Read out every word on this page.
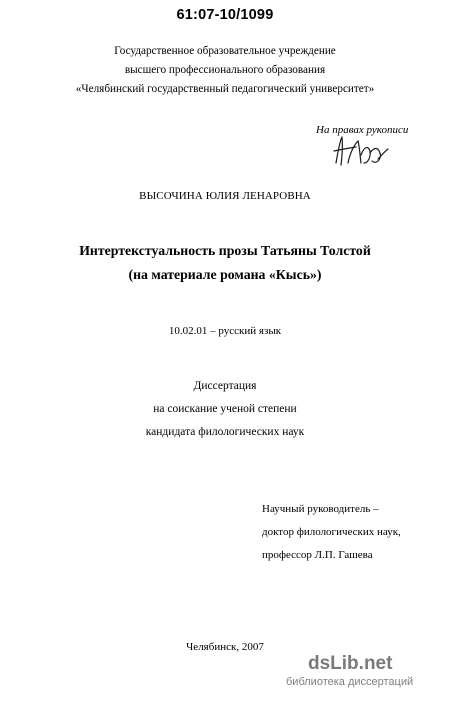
61:07-10/1099
Государственное образовательное учреждение
высшего профессионального образования
«Челябинский государственный педагогический университет»
На правах рукописи
ВЫСОЧИНА ЮЛИЯ ЛЕНАРОВНА
Интертекстуальность прозы Татьяны Толстой
(на материале романа «Кысь»)
10.02.01 – русский язык
Диссертация
на соискание ученой степени
кандидата филологических наук
Научный руководитель –
доктор филологических наук,
профессор Л.П. Гашева
Челябинск, 2007
dsLib.net
библиотека диссертаций
